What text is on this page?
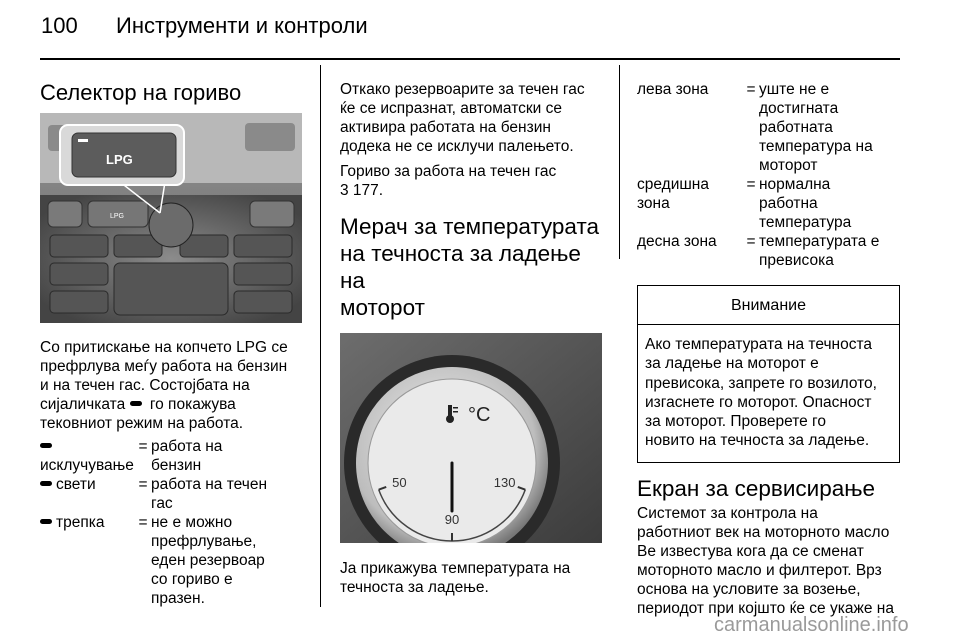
100 Инструменти и контроли
Селектор на гориво
LPG
LPG

Со притискање на копчето LPG се

префрлува меѓу работа на бензин

и на течен гас. Состојбата на

сијаличката  го покажува

тековниот режим на работа.

исклучување
= работа на
бензин
свети	= работа на течен
гас
трепка	= не е можно
префрлување,
еден резервоар
со гориво е
празен.

Откако резервоарите за течен гас

ќе се испразнат, автоматски се

активира работата на бензин

додека не се исклучи палењето.

Гориво за работа на течен гас

3 177.

Мерач за температурата

на течноста за ладење на

моторот

50
90
130
°C

Ја прикажува температурата на

течноста за ладење.

лева зона	= уште не е
достигната
работната
температура на
моторот
средишна
зона
= нормална
работна
температура
десна зона	= температурата е
превисока
Внимание

Ако температурата на течноста

за ладење на моторот е

превисока, запрете го возилото,

изгаснете го моторот. Опасност

за моторот. Проверете го

новито на течноста за ладење.

Екран за сервисирање

Системот за контрола на

работниот век на моторното масло

Ве известува кога да се сменат

моторното масло и филтерот. Врз

основа на условите за возење,

периодот при којшто ќе се укаже на

carmanualsonline.info
